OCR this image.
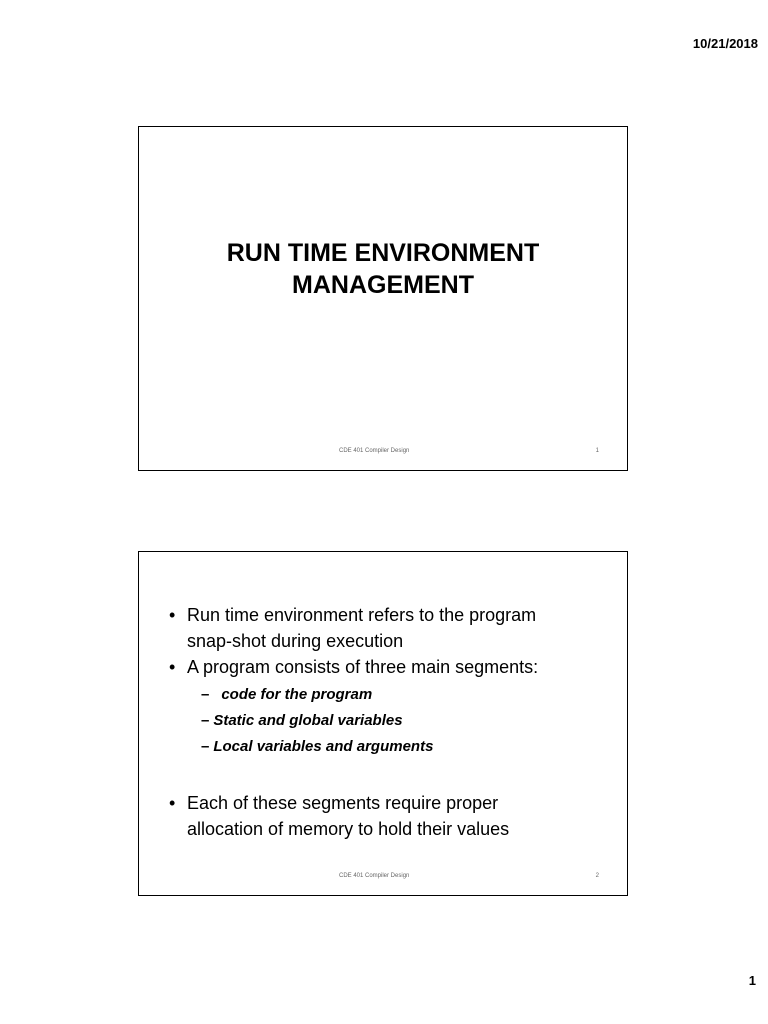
10/21/2018
RUN TIME ENVIRONMENT
MANAGEMENT
CDE 401 Compiler Design	1
• Run time environment refers to the program
snap-shot during execution
• A program consists of three main segments:
– code for the program
– Static and global variables
– Local variables and arguments
• Each of these segments require proper
allocation of memory to hold their values
CDE 401 Compiler Design	2
1
